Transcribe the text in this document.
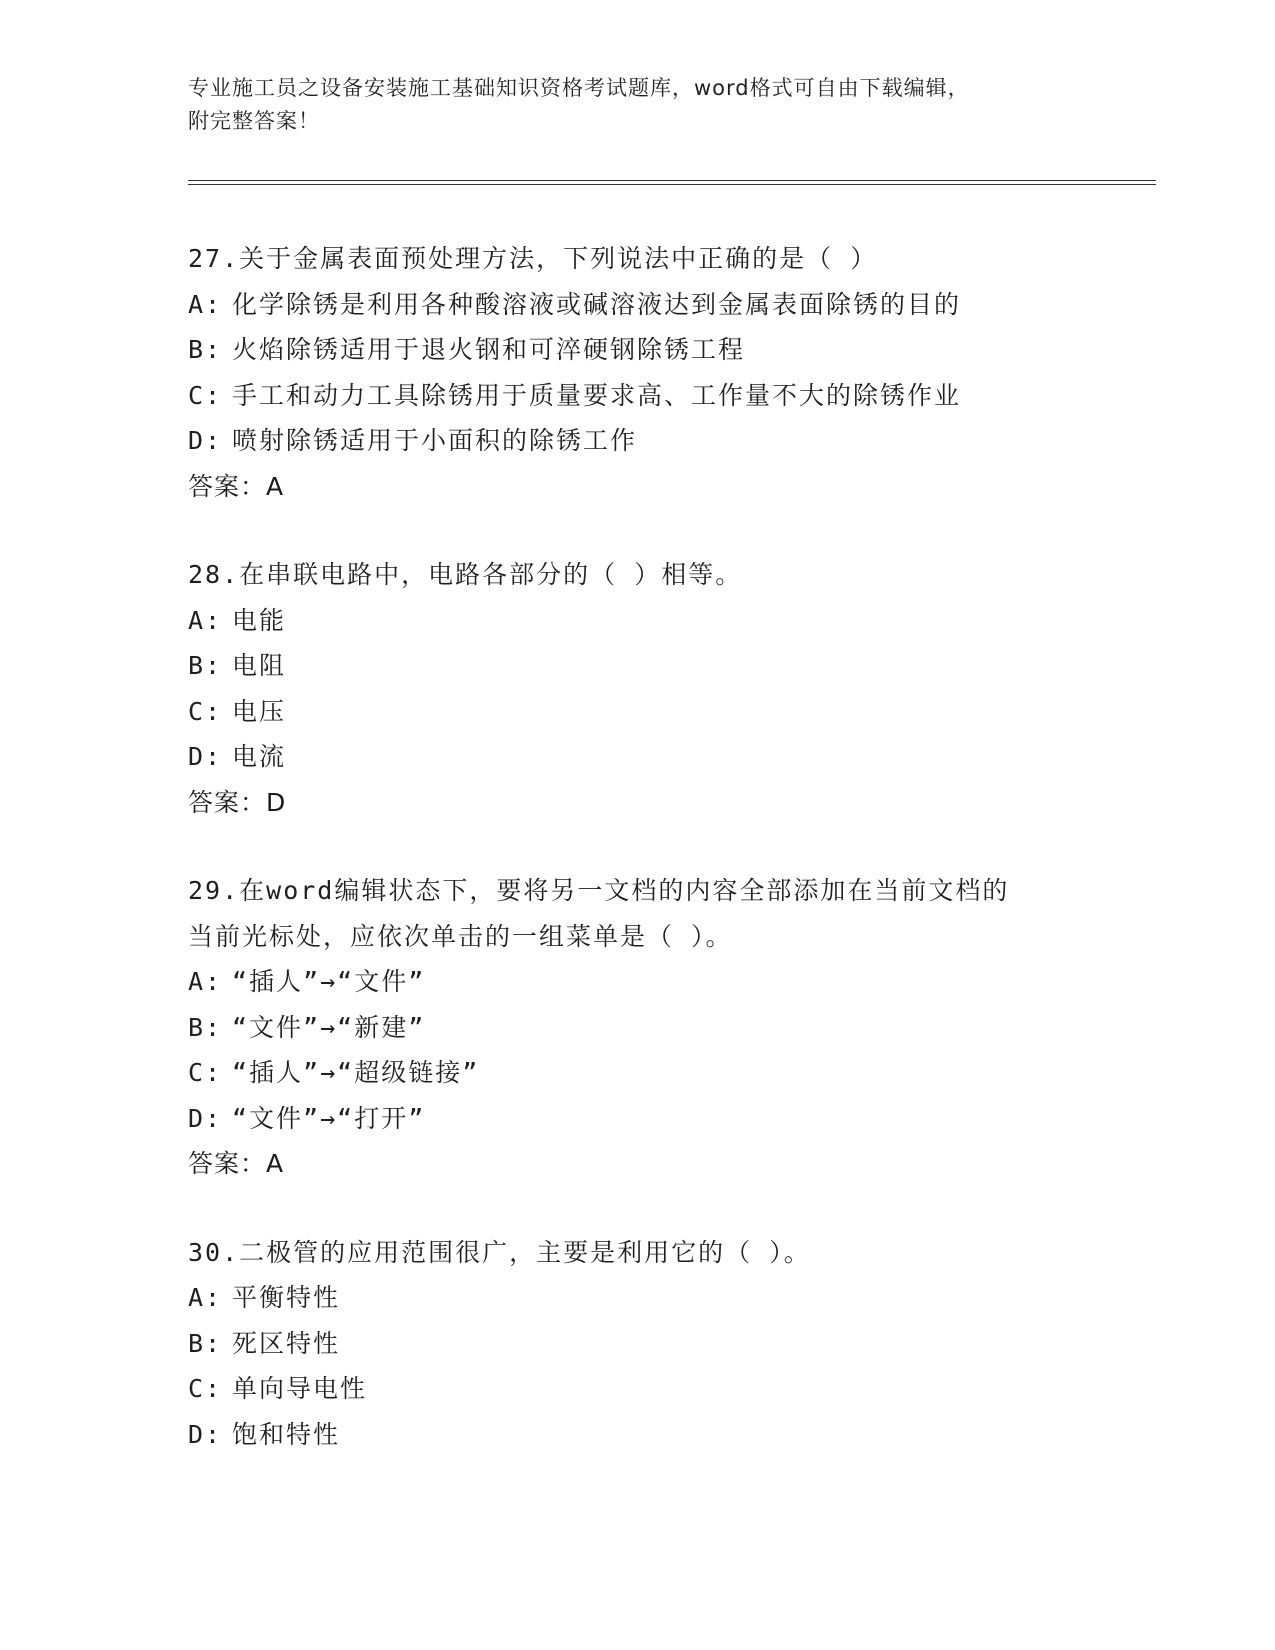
专业施工员之设备安装施工基础知识资格考试题库，word格式可自由下载编辑，
附完整答案！
27.关于金属表面预处理方法，下列说法中正确的是（ ）
A: 化学除锈是利用各种酸溶液或碱溶液达到金属表面除锈的目的
B: 火焰除锈适用于退火钢和可淬硬钢除锈工程
C: 手工和动力工具除锈用于质量要求高、工作量不大的除锈作业
D: 喷射除锈适用于小面积的除锈工作
答案：A
28.在串联电路中，电路各部分的（ ）相等。
A: 电能
B: 电阻
C: 电压
D: 电流
答案：D
29.在word编辑状态下，要将另一文档的内容全部添加在当前文档的
当前光标处，应依次单击的一组菜单是（ ）。
A: “插人”→“文件”
B: “文件”→“新建”
C: “插人”→“超级链接”
D: “文件”→“打开”
答案：A
30.二极管的应用范围很广，主要是利用它的（ ）。
A: 平衡特性
B: 死区特性
C: 单向导电性
D: 饱和特性
